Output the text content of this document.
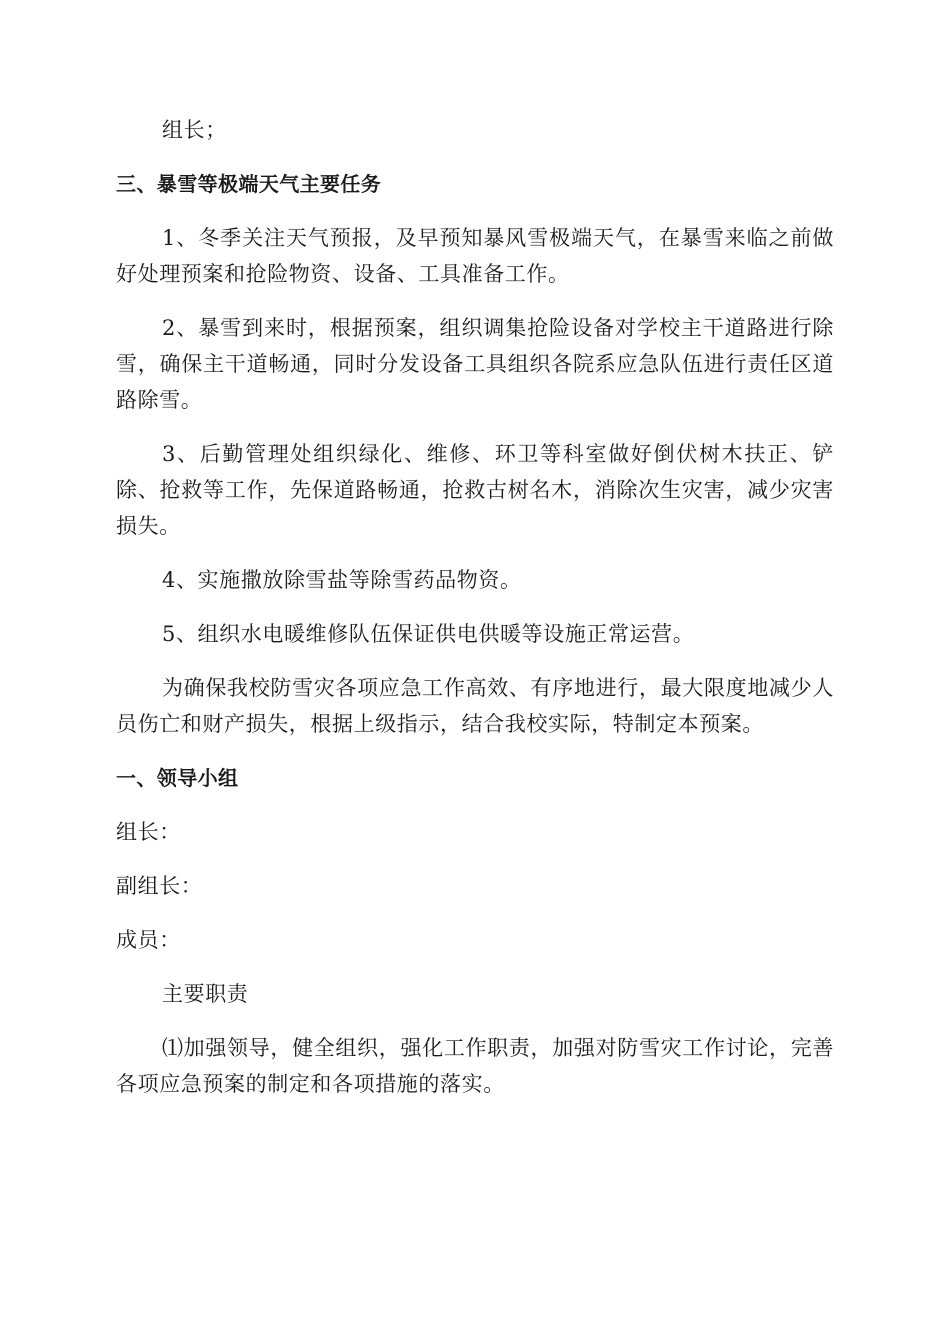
组长；

三、暴雪等极端天气主要任务

1、冬季关注天气预报，及早预知暴风雪极端天气，在暴雪来临之前做好处理预案和抢险物资、设备、工具准备工作。

2、暴雪到来时，根据预案，组织调集抢险设备对学校主干道路进行除雪，确保主干道畅通，同时分发设备工具组织各院系应急队伍进行责任区道路除雪。

3、后勤管理处组织绿化、维修、环卫等科室做好倒伏树木扶正、铲除、抢救等工作，先保道路畅通，抢救古树名木，消除次生灾害，减少灾害损失。

4、实施撒放除雪盐等除雪药品物资。

5、组织水电暖维修队伍保证供电供暖等设施正常运营。

为确保我校防雪灾各项应急工作高效、有序地进行，最大限度地减少人员伤亡和财产损失，根据上级指示，结合我校实际，特制定本预案。

一、领导小组

组长：

副组长：

成员：

主要职责

⑴加强领导，健全组织，强化工作职责，加强对防雪灾工作讨论，完善各项应急预案的制定和各项措施的落实。
